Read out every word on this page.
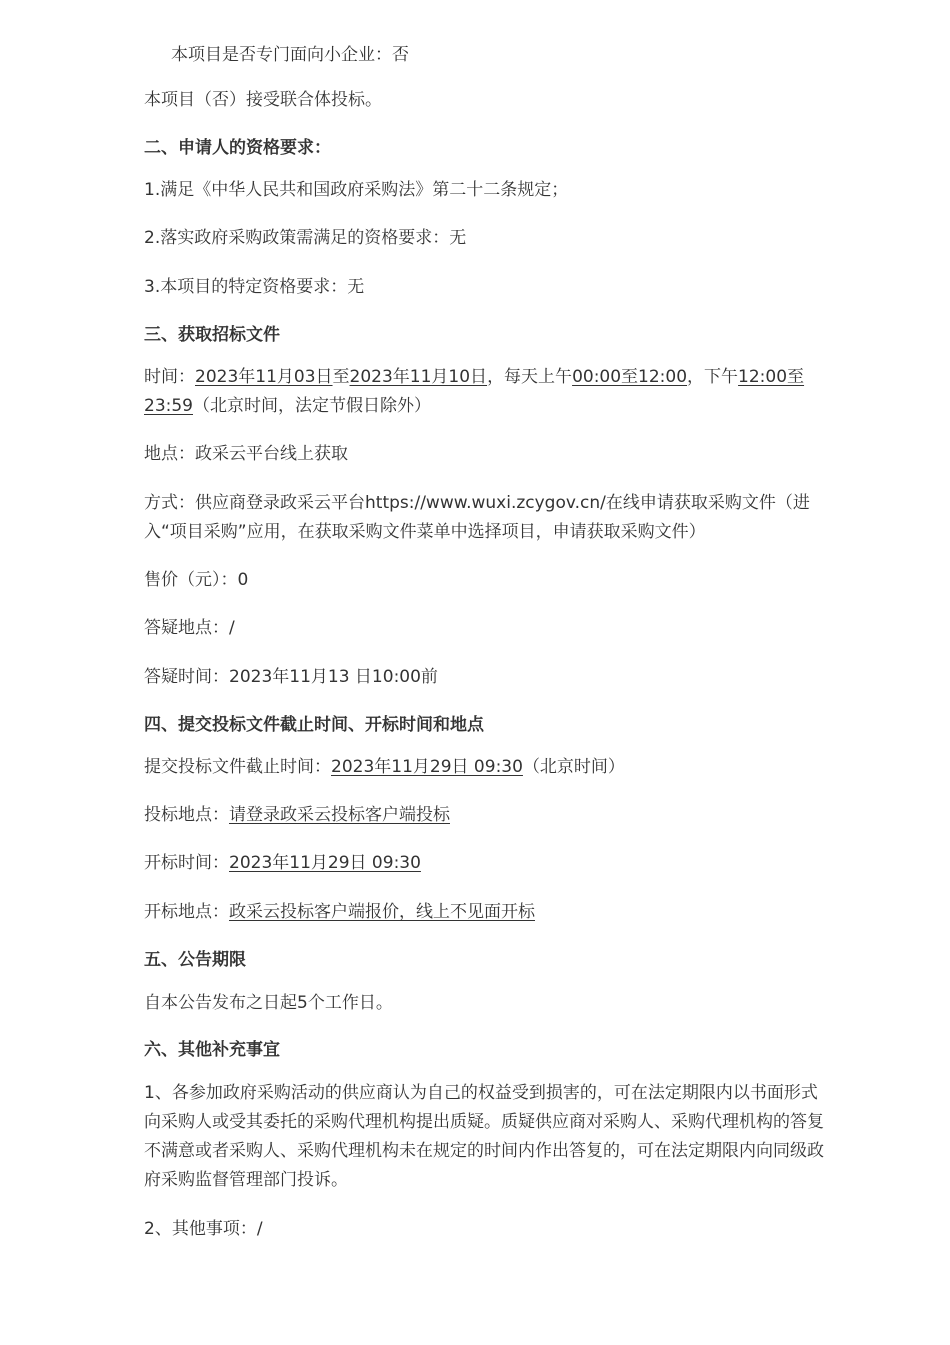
本项目是否专门面向小企业：否

本项目（否）接受联合体投标。

二、申请人的资格要求：

1.满足《中华人民共和国政府采购法》第二十二条规定；

2.落实政府采购政策需满足的资格要求：无

3.本项目的特定资格要求：无

三、获取招标文件

时间：2023年11月03日至2023年11月10日，每天上午00:00至12:00，下午12:00至23:59（北京时间，法定节假日除外）

地点：政采云平台线上获取

方式：供应商登录政采云平台https://www.wuxi.zcygov.cn/在线申请获取采购文件（进入“项目采购”应用，在获取采购文件菜单中选择项目，申请获取采购文件）

售价（元）：0

答疑地点：/

答疑时间：2023年11月13 日10:00前

四、提交投标文件截止时间、开标时间和地点

提交投标文件截止时间：2023年11月29日 09:30（北京时间）

投标地点：请登录政采云投标客户端投标

开标时间：2023年11月29日 09:30

开标地点：政采云投标客户端报价，线上不见面开标

五、公告期限

自本公告发布之日起5个工作日。

六、其他补充事宜

1、各参加政府采购活动的供应商认为自己的权益受到损害的，可在法定期限内以书面形式向采购人或受其委托的采购代理机构提出质疑。质疑供应商对采购人、采购代理机构的答复不满意或者采购人、采购代理机构未在规定的时间内作出答复的，可在法定期限内向同级政府采购监督管理部门投诉。

2、其他事项：/
